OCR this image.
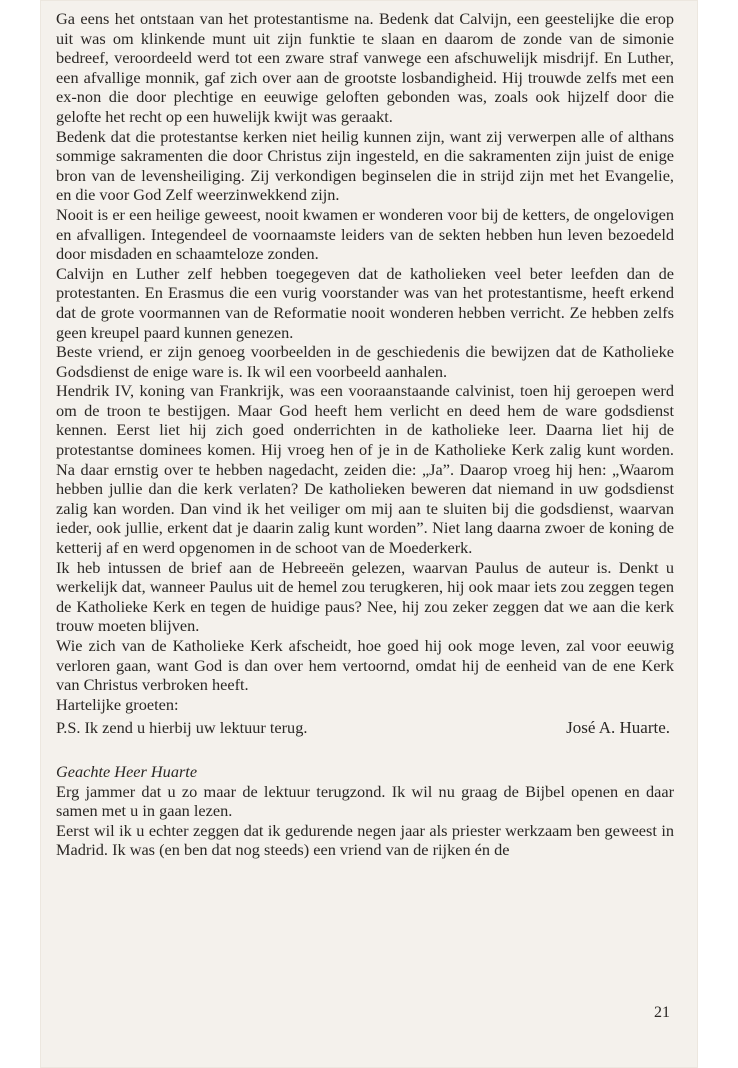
Ga eens het ontstaan van het protestantisme na. Bedenk dat Calvijn, een geestelijke die erop uit was om klinkende munt uit zijn funktie te slaan en daarom de zonde van de simonie bedreef, veroordeeld werd tot een zware straf vanwege een afschuwelijk misdrijf. En Luther, een afvallige monnik, gaf zich over aan de grootste losbandigheid. Hij trouwde zelfs met een ex-non die door plechtige en eeuwige geloften gebonden was, zoals ook hijzelf door die gelofte het recht op een huwelijk kwijt was geraakt.

Bedenk dat die protestantse kerken niet heilig kunnen zijn, want zij verwerpen alle of althans sommige sakramenten die door Christus zijn ingesteld, en die sakramenten zijn juist de enige bron van de levensheiliging. Zij verkondigen beginselen die in strijd zijn met het Evangelie, en die voor God Zelf weerzinwekkend zijn.

Nooit is er een heilige geweest, nooit kwamen er wonderen voor bij de ketters, de ongelovigen en afvalligen. Integendeel de voornaamste leiders van de sekten hebben hun leven bezoedeld door misdaden en schaamteloze zonden.

Calvijn en Luther zelf hebben toegegeven dat de katholieken veel beter leefden dan de protestanten. En Erasmus die een vurig voorstander was van het protestantisme, heeft erkend dat de grote voormannen van de Reformatie nooit wonderen hebben verricht. Ze hebben zelfs geen kreupel paard kunnen genezen.

Beste vriend, er zijn genoeg voorbeelden in de geschiedenis die bewijzen dat de Katholieke Godsdienst de enige ware is. Ik wil een voorbeeld aanhalen.

Hendrik IV, koning van Frankrijk, was een vooraanstaande calvinist, toen hij geroepen werd om de troon te bestijgen. Maar God heeft hem verlicht en deed hem de ware godsdienst kennen. Eerst liet hij zich goed onderrichten in de katholieke leer. Daarna liet hij de protestantse dominees komen. Hij vroeg hen of je in de Katholieke Kerk zalig kunt worden. Na daar ernstig over te hebben nagedacht, zeiden die: „Ja”. Daarop vroeg hij hen: „Waarom hebben jullie dan die kerk verlaten? De katholieken beweren dat niemand in uw godsdienst zalig kan worden. Dan vind ik het veiliger om mij aan te sluiten bij die godsdienst, waarvan ieder, ook jullie, erkent dat je daarin zalig kunt worden”. Niet lang daarna zwoer de koning de ketterij af en werd opgenomen in de schoot van de Moederkerk.

Ik heb intussen de brief aan de Hebreeën gelezen, waarvan Paulus de auteur is. Denkt u werkelijk dat, wanneer Paulus uit de hemel zou terugkeren, hij ook maar iets zou zeggen tegen de Katholieke Kerk en tegen de huidige paus? Nee, hij zou zeker zeggen dat we aan die kerk trouw moeten blijven.

Wie zich van de Katholieke Kerk afscheidt, hoe goed hij ook moge leven, zal voor eeuwig verloren gaan, want God is dan over hem vertoornd, omdat hij de eenheid van de ene Kerk van Christus verbroken heeft.

Hartelijke groeten:

P.S. Ik zend u hierbij uw lektuur terug.	José A. Huarte.

Geachte Heer Huarte

Erg jammer dat u zo maar de lektuur terugzond. Ik wil nu graag de Bijbel openen en daar samen met u in gaan lezen.

Eerst wil ik u echter zeggen dat ik gedurende negen jaar als priester werkzaam ben geweest in Madrid. Ik was (en ben dat nog steeds) een vriend van de rijken én de

21
